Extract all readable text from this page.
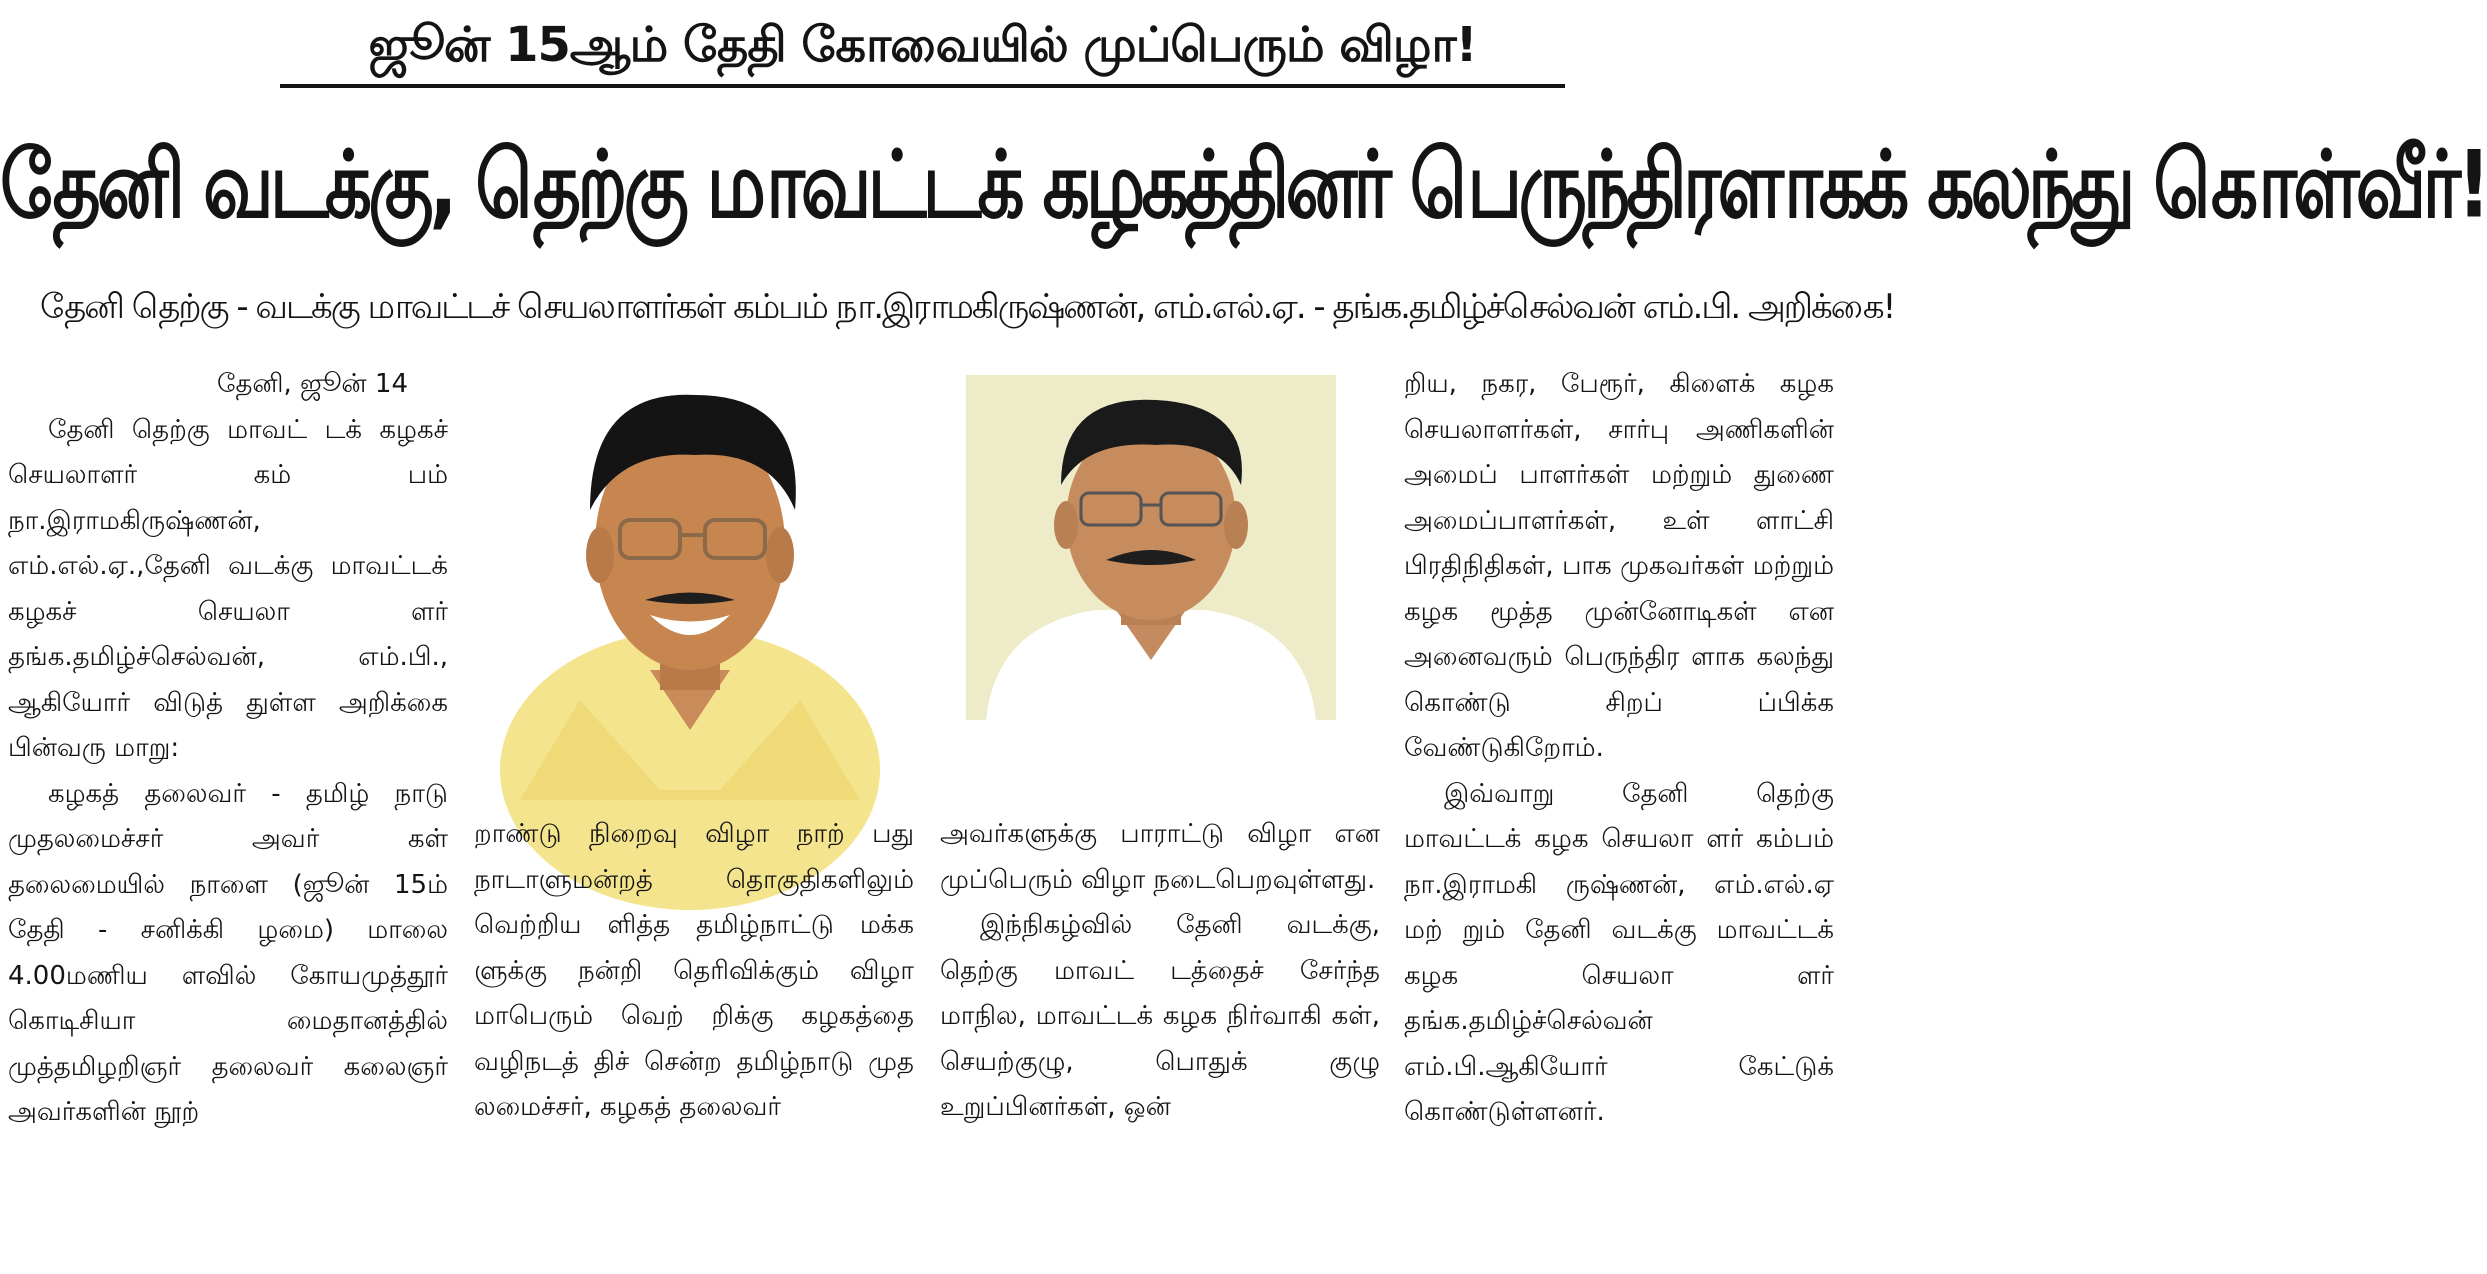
ஜூன் 15ஆம் தேதி கோவையில் முப்பெரும் விழா!
தேனி வடக்கு, தெற்கு மாவட்டக் கழகத்தினர் பெருந்திரளாகக் கலந்து கொள்வீர்!
தேனி தெற்கு - வடக்கு மாவட்டச் செயலாளர்கள் கம்பம் நா.இராமகிருஷ்ணன், எம்.எல்.ஏ. - தங்க.தமிழ்ச்செல்வன் எம்.பி. அறிக்கை!

தேனி, ஜூன் 14

தேனி தெற்கு மாவட் டக் கழகச் செயலாளர் கம் பம் நா.இராமகிருஷ்ணன், எம்.எல்.ஏ.,தேனி வடக்கு மாவட்டக் கழகச் செயலா ளர் தங்க.தமிழ்ச்செல்வன், எம்.பி., ஆகியோர் விடுத் துள்ள அறிக்கை பின்வரு மாறு:

கழகத் தலைவர் - தமிழ் நாடு முதலமைச்சர் அவர் கள் தலைமையில் நாளை (ஜூன் 15ம் தேதி - சனிக்கி ழமை) மாலை 4.00மணிய ளவில் கோயமுத்தூர் கொடிசியா மைதானத்தில் முத்தமிழறிஞர் தலைவர் கலைஞர் அவர்களின் நூற்

றாண்டு நிறைவு விழா நாற் பது நாடாளுமன்றத் தொகுதிகளிலும் வெற்றிய ளித்த தமிழ்நாட்டு மக்க ளுக்கு நன்றி தெரிவிக்கும் விழா மாபெரும் வெற் றிக்கு கழகத்தை வழிநடத் திச் சென்ற தமிழ்நாடு முத லமைச்சர், கழகத் தலைவர்

அவர்களுக்கு பாராட்டு விழா என முப்பெரும் விழா நடைபெறவுள்ளது.

இந்நிகழ்வில் தேனி வடக்கு, தெற்கு மாவட் டத்தைச் சேர்ந்த மாநில, மாவட்டக் கழக நிர்வாகி கள், செயற்குழு, பொதுக் குழு உறுப்பினர்கள், ஒன்

றிய, நகர, பேரூர், கிளைக் கழக செயலாளர்கள், சார்பு அணிகளின் அமைப் பாளர்கள் மற்றும் துணை அமைப்பாளர்கள், உள் ளாட்சி பிரதிநிதிகள், பாக முகவர்கள் மற்றும் கழக மூத்த முன்னோடிகள் என அனைவரும் பெருந்திர ளாக கலந்து கொண்டு சிறப் ப்பிக்க வேண்டுகிறோம்.

இவ்வாறு தேனி தெற்கு மாவட்டக் கழக செயலா ளர் கம்பம் நா.இராமகி ருஷ்ணன், எம்.எல்.ஏ மற் றும் தேனி வடக்கு மாவட்டக் கழக செயலா ளர் தங்க.தமிழ்ச்செல்வன் எம்.பி.ஆகியோர் கேட்டுக் கொண்டுள்ளனர்.
